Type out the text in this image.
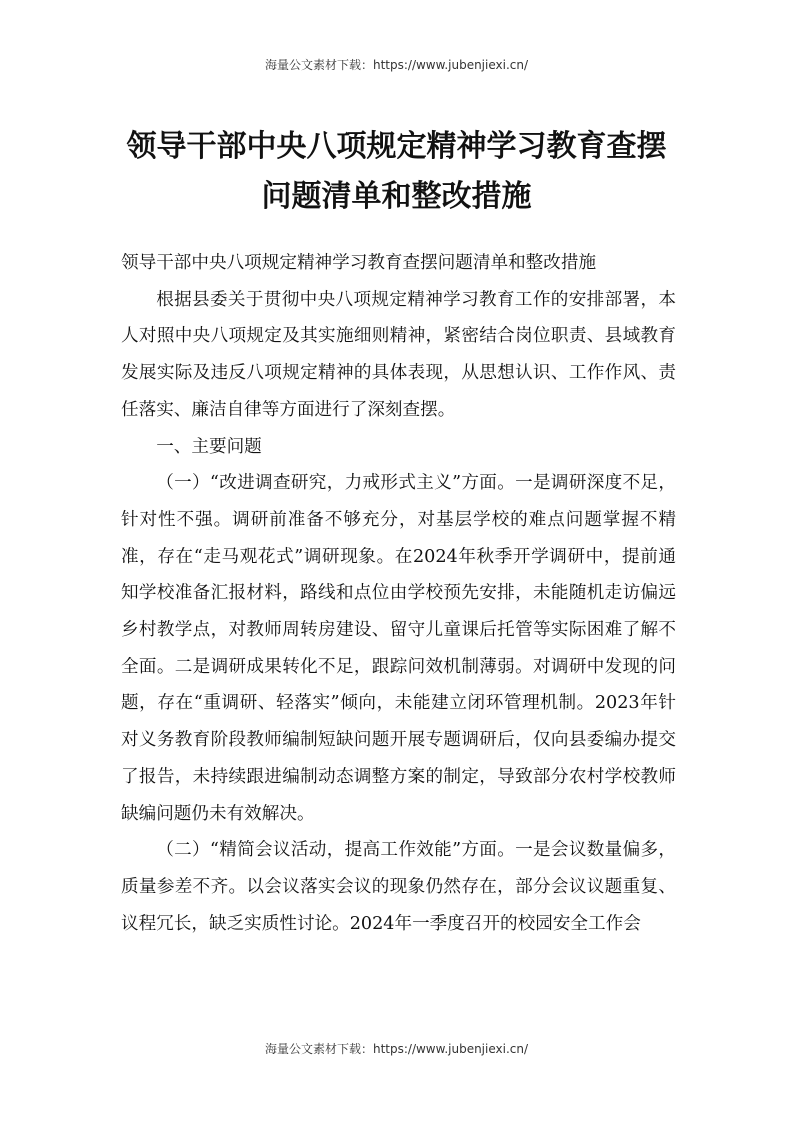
海量公文素材下载：https://www.jubenjiexi.cn/
领导干部中央八项规定精神学习教育查摆
问题清单和整改措施

领导干部中央八项规定精神学习教育查摆问题清单和整改措施

根据县委关于贯彻中央八项规定精神学习教育工作的安排部署，本人对照中央八项规定及其实施细则精神，紧密结合岗位职责、县域教育发展实际及违反八项规定精神的具体表现，从思想认识、工作作风、责任落实、廉洁自律等方面进行了深刻查摆。

一、主要问题

（一）“改进调查研究，力戒形式主义”方面。一是调研深度不足，针对性不强。调研前准备不够充分，对基层学校的难点问题掌握不精准，存在“走马观花式”调研现象。在2024年秋季开学调研中，提前通知学校准备汇报材料，路线和点位由学校预先安排，未能随机走访偏远乡村教学点，对教师周转房建设、留守儿童课后托管等实际困难了解不全面。二是调研成果转化不足，跟踪问效机制薄弱。对调研中发现的问题，存在“重调研、轻落实”倾向，未能建立闭环管理机制。2023年针对义务教育阶段教师编制短缺问题开展专题调研后，仅向县委编办提交了报告，未持续跟进编制动态调整方案的制定，导致部分农村学校教师缺编问题仍未有效解决。

（二）“精简会议活动，提高工作效能”方面。一是会议数量偏多，质量参差不齐。以会议落实会议的现象仍然存在，部分会议议题重复、议程冗长，缺乏实质性讨论。2024年一季度召开的校园安全工作会

海量公文素材下载：https://www.jubenjiexi.cn/
